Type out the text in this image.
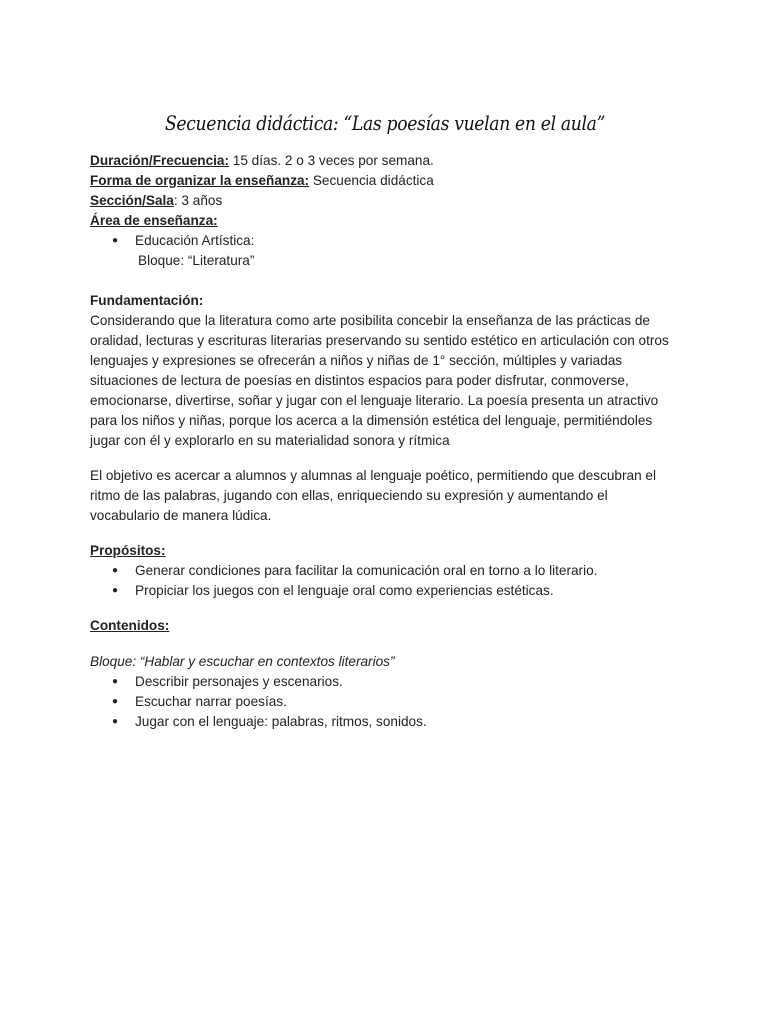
Secuencia didáctica: “Las poesías vuelan en el aula”

Duración/Frecuencia: 15 días. 2 o 3 veces por semana.

Forma de organizar la enseñanza: Secuencia didáctica

Sección/Sala: 3 años

Área de enseñanza:

● Educación Artística:
Bloque: “Literatura”

Fundamentación:

Considerando que la literatura como arte posibilita concebir la enseñanza de las prácticas de

oralidad, lecturas y escrituras literarias preservando su sentido estético en articulación con otros

lenguajes y expresiones se ofrecerán a niños y niñas de 1° sección, múltiples y variadas

situaciones de lectura de poesías en distintos espacios para poder disfrutar, conmoverse,

emocionarse, divertirse, soñar y jugar con el lenguaje literario. La poesía presenta un atractivo

para los niños y niñas, porque los acerca a la dimensión estética del lenguaje, permitiéndoles

jugar con él y explorarlo en su materialidad sonora y rítmica

El objetivo es acercar a alumnos y alumnas al lenguaje poético, permitiendo que descubran el

ritmo de las palabras, jugando con ellas, enriqueciendo su expresión y aumentando el

vocabulario de manera lúdica.

Propósitos:

● Generar condiciones para facilitar la comunicación oral en torno a lo literario.
● Propiciar los juegos con el lenguaje oral como experiencias estéticas.

Contenidos:

Bloque: “Hablar y escuchar en contextos literarios”

● Describir personajes y escenarios.
● Escuchar narrar poesías.
● Jugar con el lenguaje: palabras, ritmos, sonidos.
